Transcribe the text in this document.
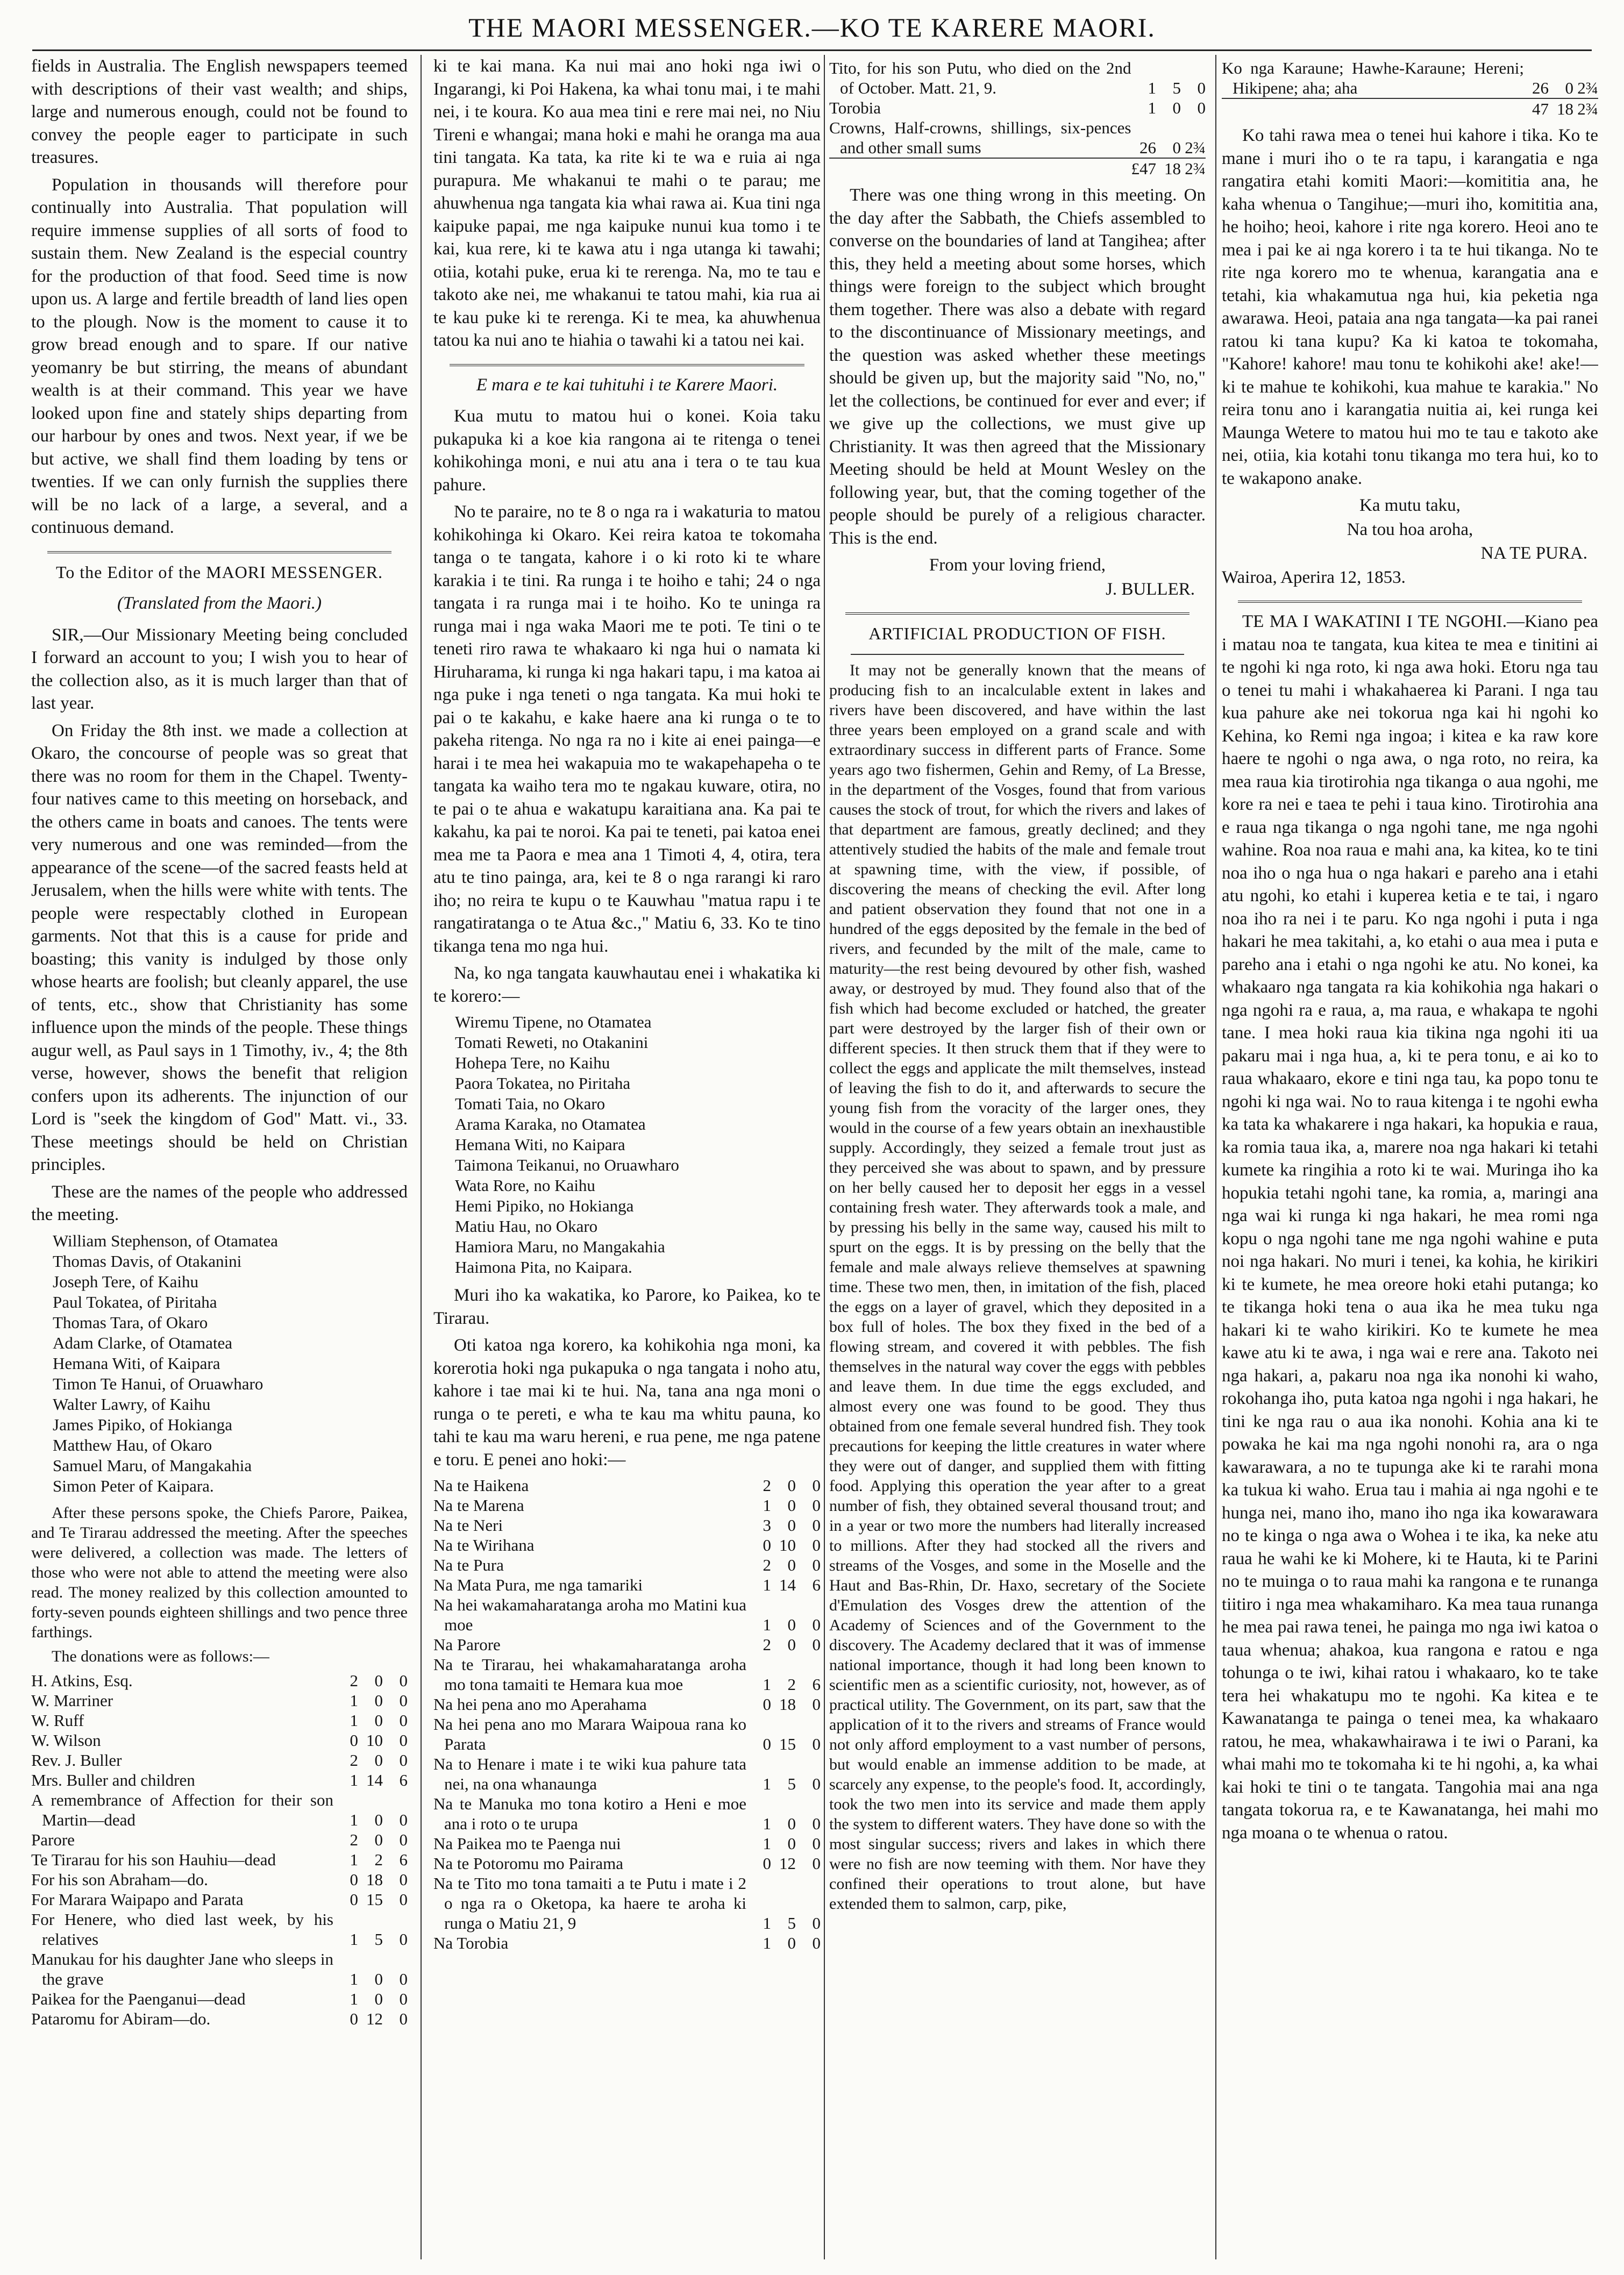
THE MAORI MESSENGER.—KO TE KARERE MAORI.

fields in Australia. The English newspapers teemed with descriptions of their vast wealth; and ships, large and numerous enough, could not be found to convey the people eager to participate in such treasures.

Population in thousands will therefore pour continually into Australia. That population will require immense supplies of all sorts of food to sustain them. New Zealand is the especial country for the production of that food. Seed time is now upon us. A large and fertile breadth of land lies open to the plough. Now is the moment to cause it to grow bread enough and to spare. If our native yeomanry be but stirring, the means of abundant wealth is at their command. This year we have looked upon fine and stately ships departing from our harbour by ones and twos. Next year, if we be but active, we shall find them loading by tens or twenties. If we can only furnish the supplies there will be no lack of a large, a several, and a continuous demand.

To the Editor of the MAORI MESSENGER.

(Translated from the Maori.)

SIR,—Our Missionary Meeting being concluded I forward an account to you; I wish you to hear of the collection also, as it is much larger than that of last year.

On Friday the 8th inst. we made a collection at Okaro, the concourse of people was so great that there was no room for them in the Chapel. Twenty-four natives came to this meeting on horseback, and the others came in boats and canoes. The tents were very numerous and one was reminded—from the appearance of the scene—of the sacred feasts held at Jerusalem, when the hills were white with tents. The people were respectably clothed in European garments. Not that this is a cause for pride and boasting; this vanity is indulged by those only whose hearts are foolish; but cleanly apparel, the use of tents, etc., show that Christianity has some influence upon the minds of the people. These things augur well, as Paul says in 1 Timothy, iv., 4; the 8th verse, however, shows the benefit that religion confers upon its adherents. The injunction of our Lord is "seek the kingdom of God" Matt. vi., 33. These meetings should be held on Christian principles.

These are the names of the people who addressed the meeting.

William Stephenson, of Otamatea
Thomas Davis, of Otakanini
Joseph Tere, of Kaihu
Paul Tokatea, of Piritaha
Thomas Tara, of Okaro
Adam Clarke, of Otamatea
Hemana Witi, of Kaipara
Timon Te Hanui, of Oruawharo
Walter Lawry, of Kaihu
James Pipiko, of Hokianga
Matthew Hau, of Okaro
Samuel Maru, of Mangakahia
Simon Peter of Kaipara.

After these persons spoke, the Chiefs Parore, Paikea, and Te Tirarau addressed the meeting. After the speeches were delivered, a collection was made. The letters of those who were not able to attend the meeting were also read. The money realized by this collection amounted to forty-seven pounds eighteen shillings and two pence three farthings.

The donations were as follows:—

H. Atkins, Esq.	2	0	0
W. Marriner	1	0	0
W. Ruff	1	0	0
W. Wilson	0	10	0
Rev. J. Buller	2	0	0
Mrs. Buller and children	1	14	6
A remembrance of Affection for their son Martin—dead	1	0	0
Parore	2	0	0
Te Tirarau for his son Hauhiu—dead	1	2	6
For his son Abraham—do.	0	18	0
For Marara Waipapo and Parata	0	15	0
For Henere, who died last week, by his relatives	1	5	0
Manukau for his daughter Jane who sleeps in the grave	1	0	0
Paikea for the Paenganui—dead	1	0	0
Pataromu for Abiram—do.	0	12	0

ki te kai mana. Ka nui mai ano hoki nga iwi o Ingarangi, ki Poi Hakena, ka whai tonu mai, i te mahi nei, i te koura. Ko aua mea tini e rere mai nei, no Niu Tireni e whangai; mana hoki e mahi he oranga ma aua tini tangata. Ka tata, ka rite ki te wa e ruia ai nga purapura. Me whakanui te mahi o te parau; me ahuwhenua nga tangata kia whai rawa ai. Kua tini nga kaipuke papai, me nga kaipuke nunui kua tomo i te kai, kua rere, ki te kawa atu i nga utanga ki tawahi; otiia, kotahi puke, erua ki te rerenga. Na, mo te tau e takoto ake nei, me whakanui te tatou mahi, kia rua ai te kau puke ki te rerenga. Ki te mea, ka ahuwhenua tatou ka nui ano te hiahia o tawahi ki a tatou nei kai.

E mara e te kai tuhituhi i te Karere Maori.

Kua mutu to matou hui o konei. Koia taku pukapuka ki a koe kia rangona ai te ritenga o tenei kohikohinga moni, e nui atu ana i tera o te tau kua pahure.

No te paraire, no te 8 o nga ra i wakaturia to matou kohikohinga ki Okaro. Kei reira katoa te tokomaha tanga o te tangata, kahore i o ki roto ki te whare karakia i te tini. Ra runga i te hoiho e tahi; 24 o nga tangata i ra runga mai i te hoiho. Ko te uninga ra runga mai i nga waka Maori me te poti. Te tini o te teneti riro rawa te whakaaro ki nga hui o namata ki Hiruharama, ki runga ki nga hakari tapu, i ma katoa ai nga puke i nga teneti o nga tangata. Ka mui hoki te pai o te kakahu, e kake haere ana ki runga o te to pakeha ritenga. No nga ra no i kite ai enei painga—e harai i te mea hei wakapuia mo te wakapehapeha o te tangata ka waiho tera mo te ngakau kuware, otira, no te pai o te ahua e wakatupu karaitiana ana. Ka pai te kakahu, ka pai te noroi. Ka pai te teneti, pai katoa enei mea me ta Paora e mea ana 1 Timoti 4, 4, otira, tera atu te tino painga, ara, kei te 8 o nga rarangi ki raro iho; no reira te kupu o te Kauwhau "matua rapu i te rangatiratanga o te Atua &c.," Matiu 6, 33. Ko te tino tikanga tena mo nga hui.

Na, ko nga tangata kauwhautau enei i whakatika ki te korero:—

Wiremu Tipene, no Otamatea
Tomati Reweti, no Otakanini
Hohepa Tere, no Kaihu
Paora Tokatea, no Piritaha
Tomati Taia, no Okaro
Arama Karaka, no Otamatea
Hemana Witi, no Kaipara
Taimona Teikanui, no Oruawharo
Wata Rore, no Kaihu
Hemi Pipiko, no Hokianga
Matiu Hau, no Okaro
Hamiora Maru, no Mangakahia
Haimona Pita, no Kaipara.

Muri iho ka wakatika, ko Parore, ko Paikea, ko te Tirarau.

Oti katoa nga korero, ka kohikohia nga moni, ka korerotia hoki nga pukapuka o nga tangata i noho atu, kahore i tae mai ki te hui. Na, tana ana nga moni o runga o te pereti, e wha te kau ma whitu pauna, ko tahi te kau ma waru hereni, e rua pene, me nga patene e toru. E penei ano hoki:—

Na te Haikena	2	0	0
Na te Marena	1	0	0
Na te Neri	3	0	0
Na te Wirihana	0	10	0
Na te Pura	2	0	0
Na Mata Pura, me nga tamariki	1	14	6
Na hei wakamaharatanga aroha mo Matini kua moe	1	0	0
Na Parore	2	0	0
Na te Tirarau, hei whakamaharatanga aroha mo tona tamaiti te Hemara kua moe	1	2	6
Na hei pena ano mo Aperahama	0	18	0
Na hei pena ano mo Marara Waipoua rana ko Parata	0	15	0
Na to Henare i mate i te wiki kua pahure tata nei, na ona whanaunga	1	5	0
Na te Manuka mo tona kotiro a Heni e moe ana i roto o te urupa	1	0	0
Na Paikea mo te Paenga nui	1	0	0
Na te Potoromu mo Pairama	0	12	0
Na te Tito mo tona tamaiti a te Putu i mate i 2 o nga ra o Oketopa, ka haere te aroha ki runga o Matiu 21, 9	1	5	0
Na Torobia	1	0	0
Tito, for his son Putu, who died on the 2nd of October. Matt. 21, 9.	1	5	0
Torobia	1	0	0
Crowns, Half-crowns, shillings, six-pences and other small sums	26	0	2¾
	£47	18	2¾

There was one thing wrong in this meeting. On the day after the Sabbath, the Chiefs assembled to converse on the boundaries of land at Tangihea; after this, they held a meeting about some horses, which things were foreign to the subject which brought them together. There was also a debate with regard to the discontinuance of Missionary meetings, and the question was asked whether these meetings should be given up, but the majority said "No, no," let the collections, be continued for ever and ever; if we give up the collections, we must give up Christianity. It was then agreed that the Missionary Meeting should be held at Mount Wesley on the following year, but, that the coming together of the people should be purely of a religious character. This is the end.

From your loving friend,

J. BULLER.

ARTIFICIAL PRODUCTION OF FISH.

It may not be generally known that the means of producing fish to an incalculable extent in lakes and rivers have been discovered, and have within the last three years been employed on a grand scale and with extraordinary success in different parts of France. Some years ago two fishermen, Gehin and Remy, of La Bresse, in the department of the Vosges, found that from various causes the stock of trout, for which the rivers and lakes of that department are famous, greatly declined; and they attentively studied the habits of the male and female trout at spawning time, with the view, if possible, of discovering the means of checking the evil. After long and patient observation they found that not one in a hundred of the eggs deposited by the female in the bed of rivers, and fecunded by the milt of the male, came to maturity—the rest being devoured by other fish, washed away, or destroyed by mud. They found also that of the fish which had become excluded or hatched, the greater part were destroyed by the larger fish of their own or different species. It then struck them that if they were to collect the eggs and applicate the milt themselves, instead of leaving the fish to do it, and afterwards to secure the young fish from the voracity of the larger ones, they would in the course of a few years obtain an inexhaustible supply. Accordingly, they seized a female trout just as they perceived she was about to spawn, and by pressure on her belly caused her to deposit her eggs in a vessel containing fresh water. They afterwards took a male, and by pressing his belly in the same way, caused his milt to spurt on the eggs. It is by pressing on the belly that the female and male always relieve themselves at spawning time. These two men, then, in imitation of the fish, placed the eggs on a layer of gravel, which they deposited in a box full of holes. The box they fixed in the bed of a flowing stream, and covered it with pebbles. The fish themselves in the natural way cover the eggs with pebbles and leave them. In due time the eggs excluded, and almost every one was found to be good. They thus obtained from one female several hundred fish. They took precautions for keeping the little creatures in water where they were out of danger, and supplied them with fitting food. Applying this operation the year after to a great number of fish, they obtained several thousand trout; and in a year or two more the numbers had literally increased to millions. After they had stocked all the rivers and streams of the Vosges, and some in the Moselle and the Haut and Bas-Rhin, Dr. Haxo, secretary of the Societe d'Emulation des Vosges drew the attention of the Academy of Sciences and of the Government to the discovery. The Academy declared that it was of immense national importance, though it had long been known to scientific men as a scientific curiosity, not, however, as of practical utility. The Government, on its part, saw that the application of it to the rivers and streams of France would not only afford employment to a vast number of persons, but would enable an immense addition to be made, at scarcely any expense, to the people's food. It, accordingly, took the two men into its service and made them apply the system to different waters. They have done so with the most singular success; rivers and lakes in which there were no fish are now teeming with them. Nor have they confined their operations to trout alone, but have extended them to salmon, carp, pike,

Ko nga Karaune; Hawhe-Karaune; Hereni; Hikipene; aha; aha	26	0	2¾
	47	18	2¾

Ko tahi rawa mea o tenei hui kahore i tika. Ko te mane i muri iho o te ra tapu, i karangatia e nga rangatira etahi komiti Maori:—komititia ana, he kaha whenua o Tangihue;—muri iho, komititia ana, he hoiho; heoi, kahore i rite nga korero. Heoi ano te mea i pai ke ai nga korero i ta te hui tikanga. No te rite nga korero mo te whenua, karangatia ana e tetahi, kia whakamutua nga hui, kia peketia nga awarawa. Heoi, pataia ana nga tangata—ka pai ranei ratou ki tana kupu? Ka ki katoa te tokomaha, "Kahore! kahore! mau tonu te kohikohi ake! ake!—ki te mahue te kohikohi, kua mahue te karakia." No reira tonu ano i karangatia nuitia ai, kei runga kei Maunga Wetere to matou hui mo te tau e takoto ake nei, otiia, kia kotahi tonu tikanga mo tera hui, ko to te wakapono anake.

Ka mutu taku,

Na tou hoa aroha,

NA TE PURA.

Wairoa, Aperira 12, 1853.

TE MA I WAKATINI I TE NGOHI.—Kiano pea i matau noa te tangata, kua kitea te mea e tinitini ai te ngohi ki nga roto, ki nga awa hoki. Etoru nga tau o tenei tu mahi i whakahaerea ki Parani. I nga tau kua pahure ake nei tokorua nga kai hi ngohi ko Kehina, ko Remi nga ingoa; i kitea e ka raw kore haere te ngohi o nga awa, o nga roto, no reira, ka mea raua kia tirotirohia nga tikanga o aua ngohi, me kore ra nei e taea te pehi i taua kino. Tirotirohia ana e raua nga tikanga o nga ngohi tane, me nga ngohi wahine. Roa noa raua e mahi ana, ka kitea, ko te tini noa iho o nga hua o nga hakari e pareho ana i etahi atu ngohi, ko etahi i kuperea ketia e te tai, i ngaro noa iho ra nei i te paru. Ko nga ngohi i puta i nga hakari he mea takitahi, a, ko etahi o aua mea i puta e pareho ana i etahi o nga ngohi ke atu. No konei, ka whakaaro nga tangata ra kia kohikohia nga hakari o nga ngohi ra e raua, a, ma raua, e whakapa te ngohi tane. I mea hoki raua kia tikina nga ngohi iti ua pakaru mai i nga hua, a, ki te pera tonu, e ai ko to raua whakaaro, ekore e tini nga tau, ka popo tonu te ngohi ki nga wai. No to raua kitenga i te ngohi ewha ka tata ka whakarere i nga hakari, ka hopukia e raua, ka romia taua ika, a, marere noa nga hakari ki tetahi kumete ka ringihia a roto ki te wai. Muringa iho ka hopukia tetahi ngohi tane, ka romia, a, maringi ana nga wai ki runga ki nga hakari, he mea romi nga kopu o nga ngohi tane me nga ngohi wahine e puta noi nga hakari. No muri i tenei, ka kohia, he kirikiri ki te kumete, he mea oreore hoki etahi putanga; ko te tikanga hoki tena o aua ika he mea tuku nga hakari ki te waho kirikiri. Ko te kumete he mea kawe atu ki te awa, i nga wai e rere ana. Takoto nei nga hakari, a, pakaru noa nga ika nonohi ki waho, rokohanga iho, puta katoa nga ngohi i nga hakari, he tini ke nga rau o aua ika nonohi. Kohia ana ki te powaka he kai ma nga ngohi nonohi ra, ara o nga kawarawara, a no te tupunga ake ki te rarahi mona ka tukua ki waho. Erua tau i mahia ai nga ngohi e te hunga nei, mano iho, mano iho nga ika kowarawara no te kinga o nga awa o Wohea i te ika, ka neke atu raua he wahi ke ki Mohere, ki te Hauta, ki te Parini no te muinga o to raua mahi ka rangona e te runanga tiitiro i nga mea whakamiharo. Ka mea taua runanga he mea pai rawa tenei, he painga mo nga iwi katoa o taua whenua; ahakoa, kua rangona e ratou e nga tohunga o te iwi, kihai ratou i whakaaro, ko te take tera hei whakatupu mo te ngohi. Ka kitea e te Kawanatanga te painga o tenei mea, ka whakaaro ratou, he mea, whakawhairawa i te iwi o Parani, ka whai mahi mo te tokomaha ki te hi ngohi, a, ka whai kai hoki te tini o te tangata. Tangohia mai ana nga tangata tokorua ra, e te Kawanatanga, hei mahi mo nga moana o te whenua o ratou.
